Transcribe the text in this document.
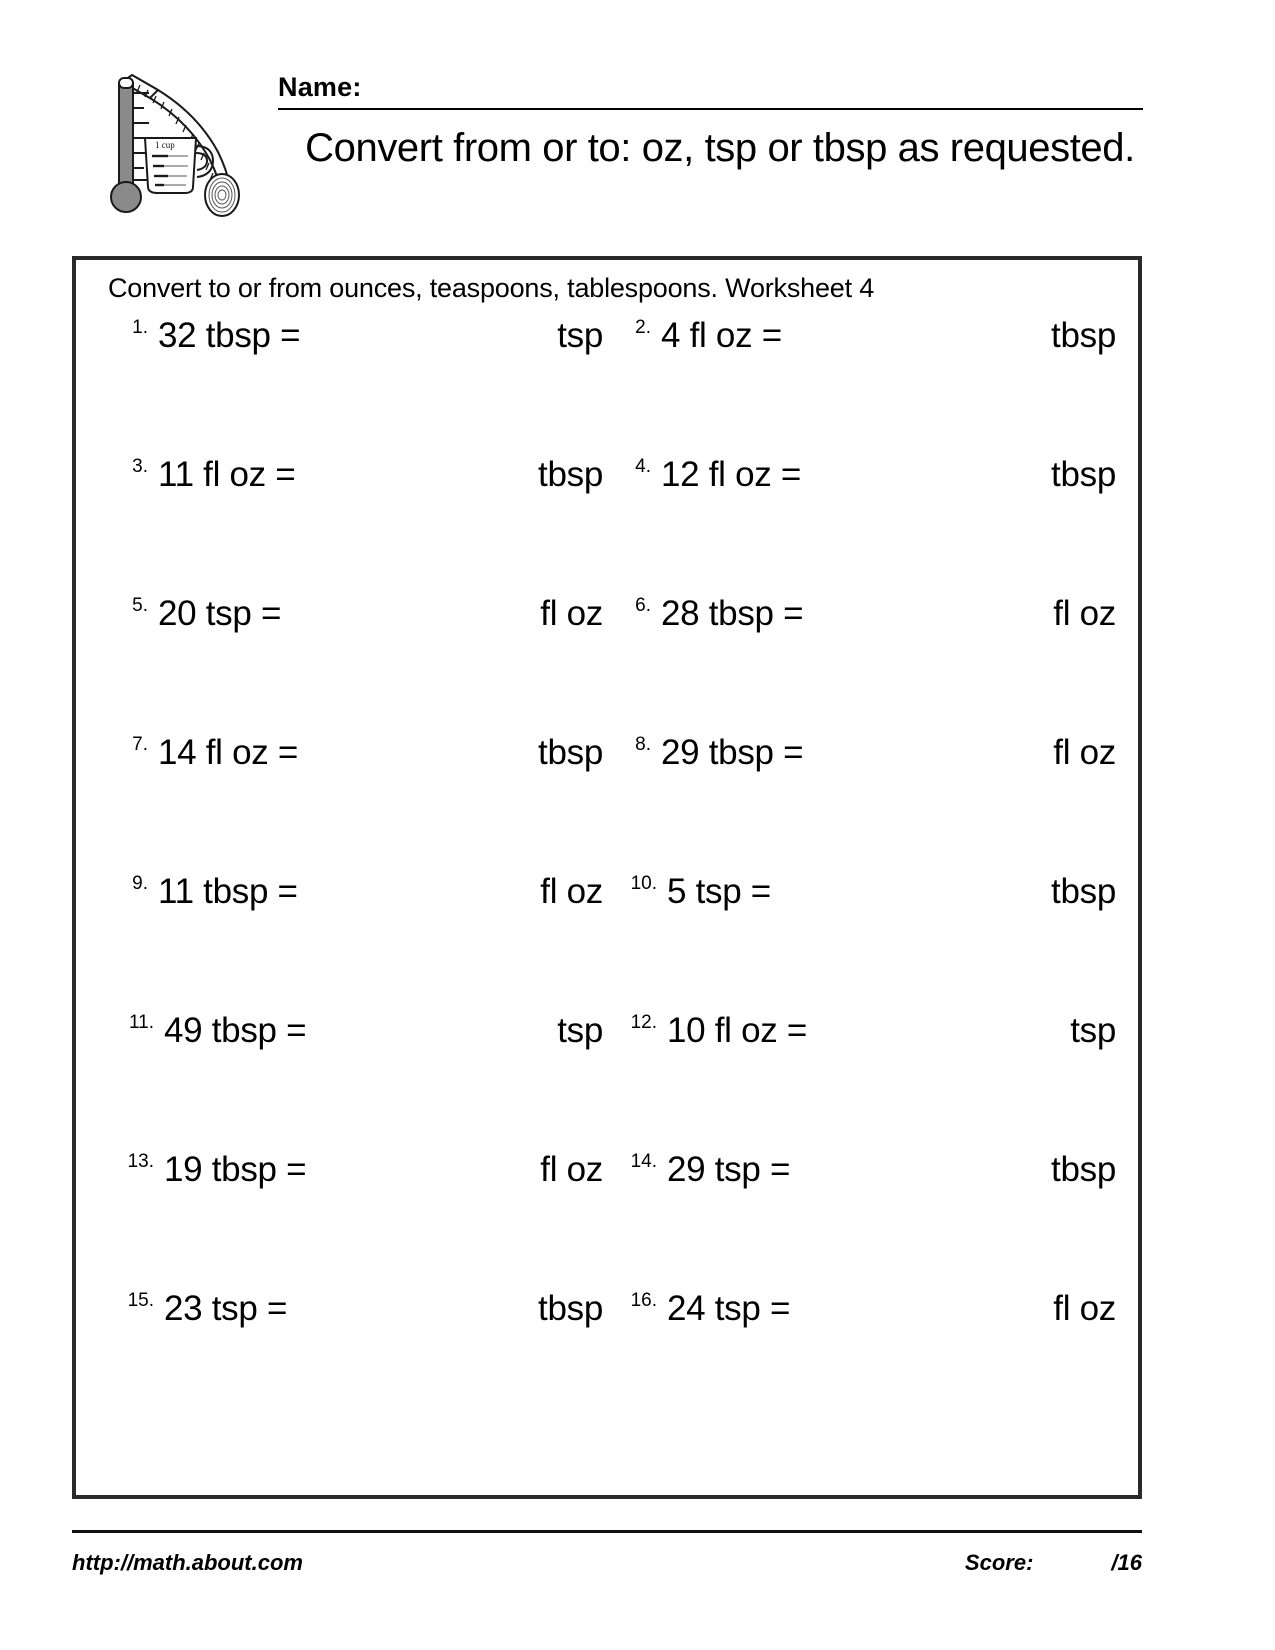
1 cup
Name:
Convert from or to: oz, tsp or tbsp as requested.
Convert to or from ounces, teaspoons, tablespoons. Worksheet 4
1. 32 tbsp =	tsp	2. 4 fl oz =	tbsp
3. 11 fl oz =	tbsp	4. 12 fl oz =	tbsp
5. 20 tsp =	fl oz	6. 28 tbsp =	fl oz
7. 14 fl oz =	tbsp	8. 29 tbsp =	fl oz
9. 11 tbsp =	fl oz	10. 5 tsp =	tbsp
11. 49 tbsp =	tsp	12. 10 fl oz =	tsp
13. 19 tbsp =	fl oz	14. 29 tsp =	tbsp
15. 23 tsp =	tbsp	16. 24 tsp =	fl oz
http://math.about.com	Score:	/16
